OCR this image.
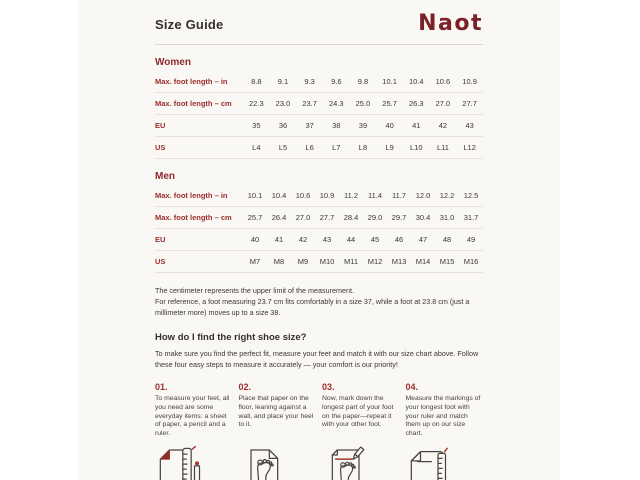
Size Guide	Naot
Women
Max. foot length – in	8.8	9.1	9.3	9.6	9.8	10.1	10.4	10.6	10.9
Max. foot length – cm	22.3	23.0	23.7	24.3	25.0	25.7	26.3	27.0	27.7
EU	35	36	37	38	39	40	41	42	43
US	L4	L5	L6	L7	L8	L9	L10	L11	L12
Men
Max. foot length – in	10.1	10.4	10.6	10.9	11.2	11.4	11.7	12.0	12.2	12.5
Max. foot length – cm	25.7	26.4	27.0	27.7	28.4	29.0	29.7	30.4	31.0	31.7
EU	40	41	42	43	44	45	46	47	48	49
US	M7	M8	M9	M10	M11	M12	M13	M14	M15	M16

The centimeter represents the upper limit of the measurement.
For reference, a foot measuring 23.7 cm fits comfortably in a size 37, while a foot at 23.8 cm (just a millimeter more) moves up to a size 38.

How do I find the right shoe size?

To make sure you find the perfect fit, measure your feet and match it with our size chart above. Follow these four easy steps to measure it accurately — your comfort is our priority!

01.
To measure your feet, all you need are some everyday items: a sheet of paper, a pencil and a ruler.
02.
Place that paper on the floor, leaning against a wall, and place your heel to it.
03.
Now, mark down the longest part of your foot on the paper—repeat it with your other foot.
04.
Measure the markings of your longest foot with your ruler and match them up on our size chart.
